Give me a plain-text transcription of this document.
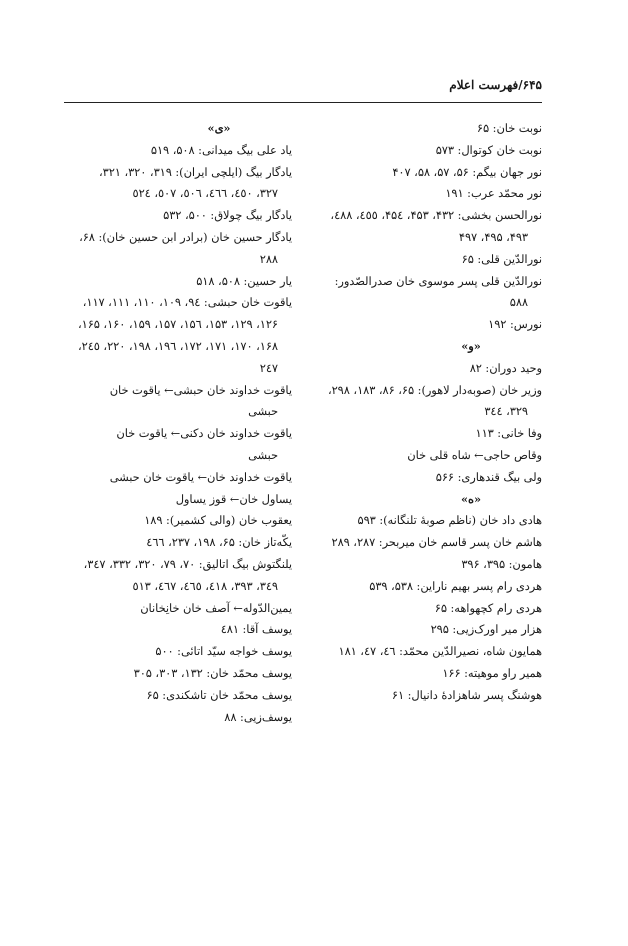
۶۴۵/فهرست اعلام
نوبت خان: ۶۵
نوبت خان کوتوال: ۵۷۳
نور جهان بیگم: ۵۶، ۵۷، ۵۸، ۴۰۷
نور محمّد عرب: ۱۹۱
نورالحسن بخشی: ۴۳۲، ۴۵۳، ۴۵٤، ٤٥٥، ٤٨٨،
۴۹۳، ۴۹۵، ۴۹۷
نورالدّین قلی: ۶۵
نورالدّین قلی پسر موسوی خان صدرالصّدور:
۵۸۸
نورس: ۱۹۲
«و»
وحید دوران: ۸۲
وزیر خان (صوبه‌دار لاهور): ۶۵، ۸۶، ۱۸۳، ۲۹۸،
۳۲۹، ۳٤٤
وفا خانی: ۱۱۳
وقاص حاجی← شاه قلی خان
ولی بیگ قندهاری: ۵۶۶
«ه»
هادی داد خان (ناظم صوبهٔ تلنگانه): ۵۹۳
هاشم خان پسر قاسم خان میربحر: ۲۸۷، ۲۸۹
هامون: ۳۹۵، ۳۹۶
هردی رام پسر بهیم ناراین: ۵۳۸، ۵۳۹
هردی رام کچهواهه: ۶۵
هزار میر اورک‌زیی: ۲۹۵
همایون شاه، نصیرالدّین محمّد: ٤٦، ٤٧، ۱۸۱
همیر راو موهیته: ۱۶۶
هوشنگ پسر شاهزادهٔ دانیال: ۶۱
«ی»
یاد علی بیگ میدانی: ۵۰۸، ۵۱۹
یادگار بیگ (ایلچی ایران): ۳۱۹، ۳۲۰، ۳۲۱،
۳۲۷، ٤٥٠، ٤٦٦، ٥٠٦، ٥٠٧، ٥٢٤
یادگار بیگ چولاق: ۵۰۰، ۵۳۲
یادگار حسین خان (برادر ابن حسین خان): ۶۸،
۲۸۸
یار حسین: ۵۰۸، ۵۱۸
یاقوت خان حبشی: ۹٤، ۱۰۹، ۱۱۰، ۱۱۱، ۱۱۷،
۱۲۶، ۱۲۹، ۱۵۳، ۱۵٦، ۱۵۷، ۱۵۹، ۱۶۰، ۱۶۵،
۱۶۸، ۱۷۰، ۱۷۱، ۱۷۲، ۱۹٦، ۱۹۸، ۲۲۰، ۲٤٥،
۲٤۷
یاقوت خداوند خان حبشی← یاقوت خان
حبشی
یاقوت خداوند خان دکنی← یاقوت خان
حبشی
یاقوت خداوند خان← یاقوت خان حبشی
یساول خان← قوز یساول
یعقوب خان (والی کشمیر): ۱۸۹
یکّه‌تاز خان: ۶۵، ۱۹۸، ۲۳۷، ٤٦٦
یلنگتوش بیگ اتالیق: ۷۰، ۷۹، ۳۲۰، ۳۳۲، ۳٤۷،
۳٤۹، ۳۹۳، ٤١٨، ٤٦٥، ٤٦٧، ٥١٣
یمین‌الدّوله← آصف خان خانِخانان
یوسف آقا: ٤٨١
یوسف خواجه سیّد اتائی: ۵۰۰
یوسف محمّد خان: ۱۳۲، ۳۰۳، ۳۰۵
یوسف محمّد خان تاشکندی: ۶۵
یوسف‌زیی: ۸۸
